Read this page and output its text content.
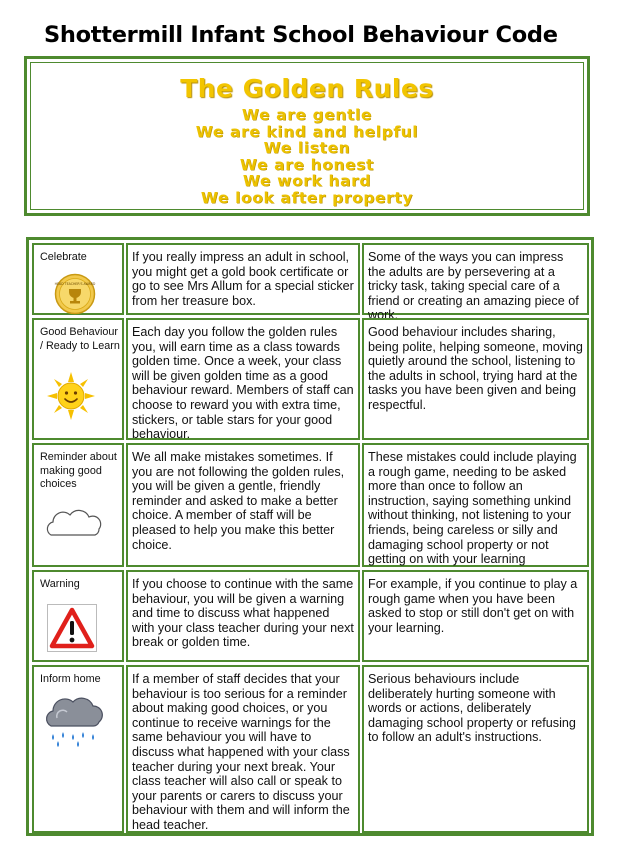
Shottermill Infant School Behaviour Code
The Golden Rules
We are gentle
We are kind and helpful
We listen
We are honest
We work hard
We look after property
Celebrate
HEAD TEACHER'S AWARD
If you really impress an adult in school, you might get a gold book certificate or go to see Mrs Allum for a special sticker from her treasure box.
Some of the ways you can impress the adults are by persevering at a tricky task, taking special care of a friend or creating an amazing piece of work.
Good Behaviour / Ready to Learn
Each day you follow the golden rules you, will earn time as a class towards golden time. Once a week, your class will be given golden time as a good behaviour reward. Members of staff can choose to reward you with extra time, stickers, or table stars for your good behaviour.
Good behaviour includes sharing, being polite, helping someone, moving quietly around the school, listening to the adults in school, trying hard at the tasks you have been given and being respectful.
Reminder about making good choices
We all make mistakes sometimes. If you are not following the golden rules, you will be given a gentle, friendly reminder and asked to make a better choice. A member of staff will be pleased to help you make this better choice.
These mistakes could include playing a rough game, needing to be asked more than once to follow an instruction, saying something unkind without thinking, not listening to your friends, being careless or silly and damaging school property or not getting on with your learning
Warning	If you choose to continue with the same behaviour, you will be given a warning and time to discuss what happened with your class teacher during your next break or golden time.
For example, if you continue to play a rough game when you have been asked to stop or still don't get on with your learning.
Inform home	If a member of staff decides that your behaviour is too serious for a reminder about making good choices, or you continue to receive warnings for the same behaviour you will have to discuss what happened with your class teacher during your next break. Your class teacher will also call or speak to your parents or carers to discuss your behaviour with them and will inform the head teacher.
Serious behaviours include deliberately hurting someone with words or actions, deliberately damaging school property or refusing to follow an adult's instructions.
